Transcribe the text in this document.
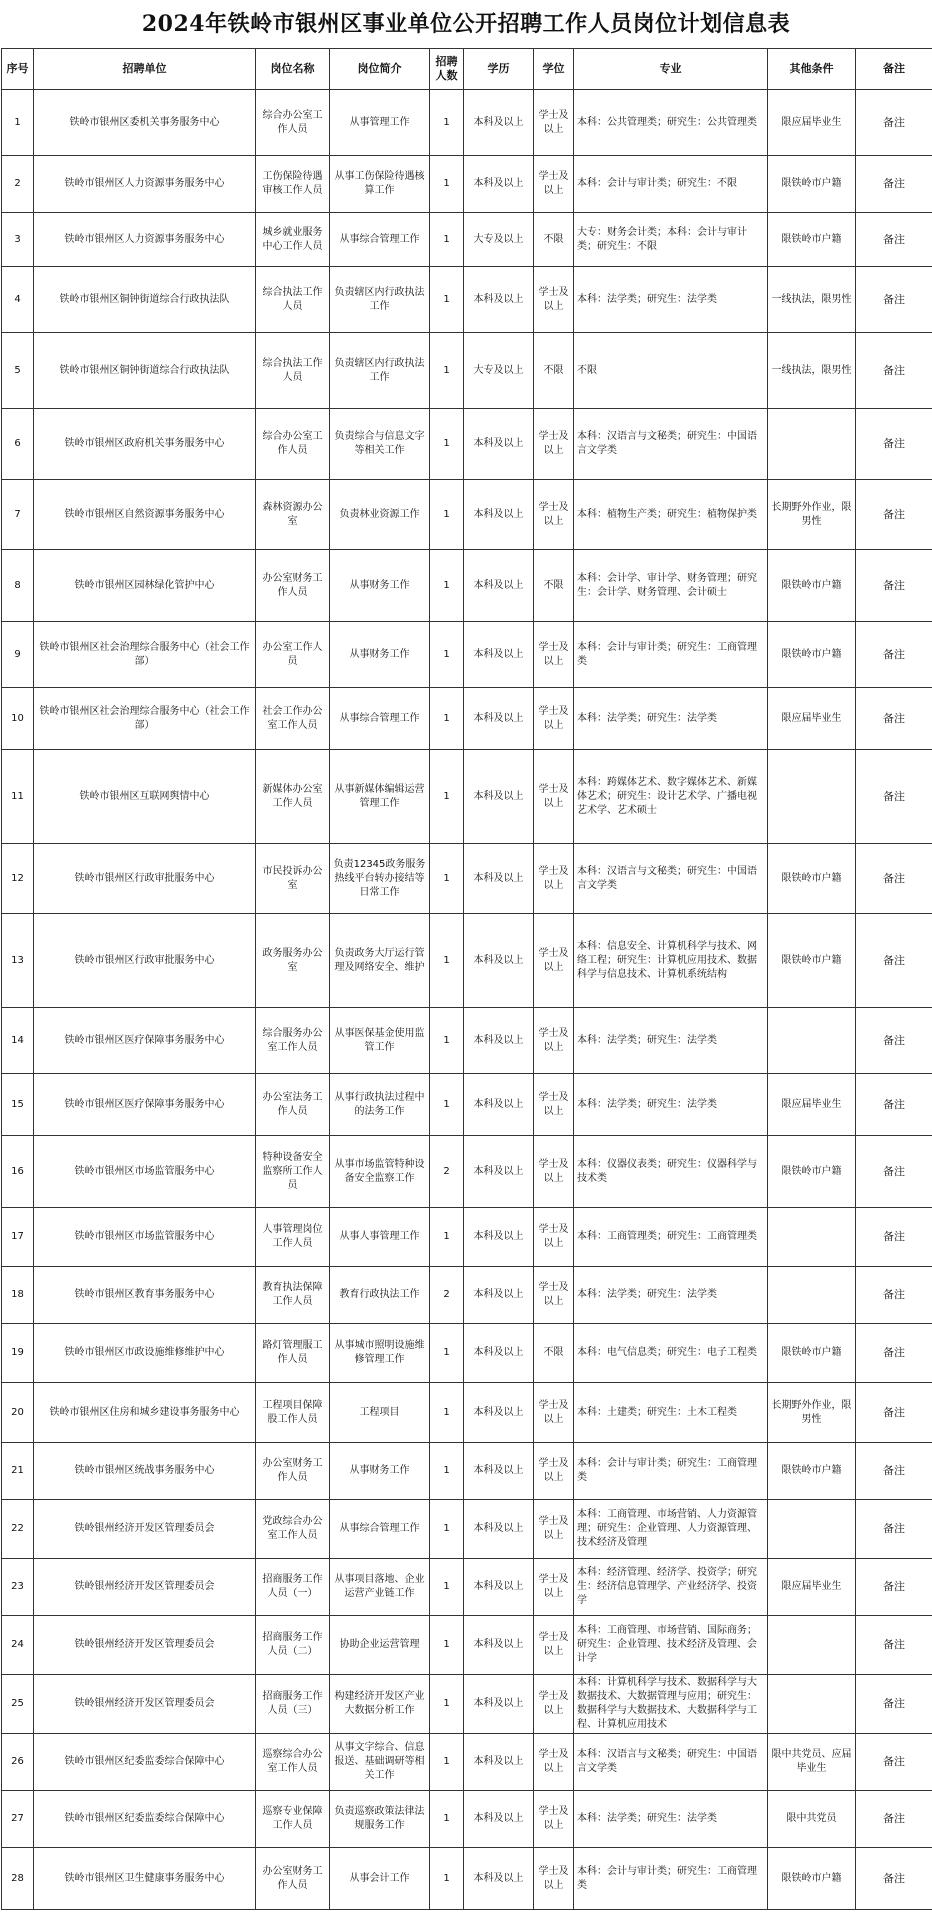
2024年铁岭市银州区事业单位公开招聘工作人员岗位计划信息表
序号	招聘单位	岗位名称	岗位简介	招聘人数	学历	学位	专业	其他条件	备注
1	铁岭市银州区委机关事务服务中心	综合办公室工作人员	从事管理工作	1	本科及以上	学士及以上	本科：公共管理类；研究生：公共管理类	限应届毕业生	备注
2	铁岭市银州区人力资源事务服务中心	工伤保险待遇审核工作人员	从事工伤保险待遇核算工作	1	本科及以上	学士及以上	本科：会计与审计类；研究生：不限	限铁岭市户籍	备注
3	铁岭市银州区人力资源事务服务中心	城乡就业服务中心工作人员	从事综合管理工作	1	大专及以上	不限	大专：财务会计类；本科：会计与审计类；研究生：不限	限铁岭市户籍	备注
4	铁岭市银州区铜钟街道综合行政执法队	综合执法工作人员	负责辖区内行政执法工作	1	本科及以上	学士及以上	本科：法学类；研究生：法学类	一线执法，限男性	备注
5	铁岭市银州区铜钟街道综合行政执法队	综合执法工作人员	负责辖区内行政执法工作	1	大专及以上	不限	不限	一线执法，限男性	备注
6	铁岭市银州区政府机关事务服务中心	综合办公室工作人员	负责综合与信息文字等相关工作	1	本科及以上	学士及以上	本科：汉语言与文秘类；研究生：中国语言文学类		备注
7	铁岭市银州区自然资源事务服务中心	森林资源办公室	负责林业资源工作	1	本科及以上	学士及以上	本科：植物生产类；研究生：植物保护类	长期野外作业，限男性	备注
8	铁岭市银州区园林绿化管护中心	办公室财务工作人员	从事财务工作	1	本科及以上	不限	本科：会计学、审计学、财务管理；研究生：会计学、财务管理、会计硕士	限铁岭市户籍	备注
9	铁岭市银州区社会治理综合服务中心（社会工作部）	办公室工作人员	从事财务工作	1	本科及以上	学士及以上	本科：会计与审计类；研究生：工商管理类	限铁岭市户籍	备注
10	铁岭市银州区社会治理综合服务中心（社会工作部）	社会工作办公室工作人员	从事综合管理工作	1	本科及以上	学士及以上	本科：法学类；研究生：法学类	限应届毕业生	备注
11	铁岭市银州区互联网舆情中心	新媒体办公室工作人员	从事新媒体编辑运营管理工作	1	本科及以上	学士及以上	本科：跨媒体艺术、数字媒体艺术、新媒体艺术；研究生：设计艺术学、广播电视艺术学、艺术硕士		备注
12	铁岭市银州区行政审批服务中心	市民投诉办公室	负责12345政务服务热线平台转办接结等日常工作	1	本科及以上	学士及以上	本科：汉语言与文秘类；研究生：中国语言文学类	限铁岭市户籍	备注
13	铁岭市银州区行政审批服务中心	政务服务办公室	负责政务大厅运行管理及网络安全、维护	1	本科及以上	学士及以上	本科：信息安全、计算机科学与技术、网络工程；研究生：计算机应用技术、数据科学与信息技术、计算机系统结构	限铁岭市户籍	备注
14	铁岭市银州区医疗保障事务服务中心	综合服务办公室工作人员	从事医保基金使用监管工作	1	本科及以上	学士及以上	本科：法学类；研究生：法学类		备注
15	铁岭市银州区医疗保障事务服务中心	办公室法务工作人员	从事行政执法过程中的法务工作	1	本科及以上	学士及以上	本科：法学类；研究生：法学类	限应届毕业生	备注
16	铁岭市银州区市场监管服务中心	特种设备安全监察所工作人员	从事市场监管特种设备安全监察工作	2	本科及以上	学士及以上	本科：仪器仪表类；研究生：仪器科学与技术类	限铁岭市户籍	备注
17	铁岭市银州区市场监管服务中心	人事管理岗位工作人员	从事人事管理工作	1	本科及以上	学士及以上	本科：工商管理类；研究生：工商管理类		备注
18	铁岭市银州区教育事务服务中心	教育执法保障工作人员	教育行政执法工作	2	本科及以上	学士及以上	本科：法学类；研究生：法学类		备注
19	铁岭市银州区市政设施维修维护中心	路灯管理服工作人员	从事城市照明设施维修管理工作	1	本科及以上	不限	本科：电气信息类；研究生：电子工程类	限铁岭市户籍	备注
20	铁岭市银州区住房和城乡建设事务服务中心	工程项目保障股工作人员	工程项目	1	本科及以上	学士及以上	本科：土建类；研究生：土木工程类	长期野外作业，限男性	备注
21	铁岭市银州区统战事务服务中心	办公室财务工作人员	从事财务工作	1	本科及以上	学士及以上	本科：会计与审计类；研究生：工商管理类	限铁岭市户籍	备注
22	铁岭银州经济开发区管理委员会	党政综合办公室工作人员	从事综合管理工作	1	本科及以上	学士及以上	本科：工商管理、市场营销、人力资源管理；研究生：企业管理、人力资源管理、技术经济及管理		备注
23	铁岭银州经济开发区管理委员会	招商服务工作人员（一）	从事项目落地、企业运营产业链工作	1	本科及以上	学士及以上	本科：经济管理、经济学、投资学；研究生：经济信息管理学、产业经济学、投资学	限应届毕业生	备注
24	铁岭银州经济开发区管理委员会	招商服务工作人员（二）	协助企业运营管理	1	本科及以上	学士及以上	本科：工商管理、市场营销、国际商务；研究生：企业管理、技术经济及管理、会计学		备注
25	铁岭银州经济开发区管理委员会	招商服务工作人员（三）	构建经济开发区产业大数据分析工作	1	本科及以上	学士及以上	本科：计算机科学与技术、数据科学与大数据技术、大数据管理与应用；研究生：数据科学与大数据技术、大数据科学与工程、计算机应用技术		备注
26	铁岭市银州区纪委监委综合保障中心	巡察综合办公室工作人员	从事文字综合、信息报送、基础调研等相关工作	1	本科及以上	学士及以上	本科：汉语言与文秘类；研究生：中国语言文学类	限中共党员、应届毕业生	备注
27	铁岭市银州区纪委监委综合保障中心	巡察专业保障工作人员	负责巡察政策法律法规服务工作	1	本科及以上	学士及以上	本科：法学类；研究生：法学类	限中共党员	备注
28	铁岭市银州区卫生健康事务服务中心	办公室财务工作人员	从事会计工作	1	本科及以上	学士及以上	本科：会计与审计类；研究生：工商管理类	限铁岭市户籍	备注
